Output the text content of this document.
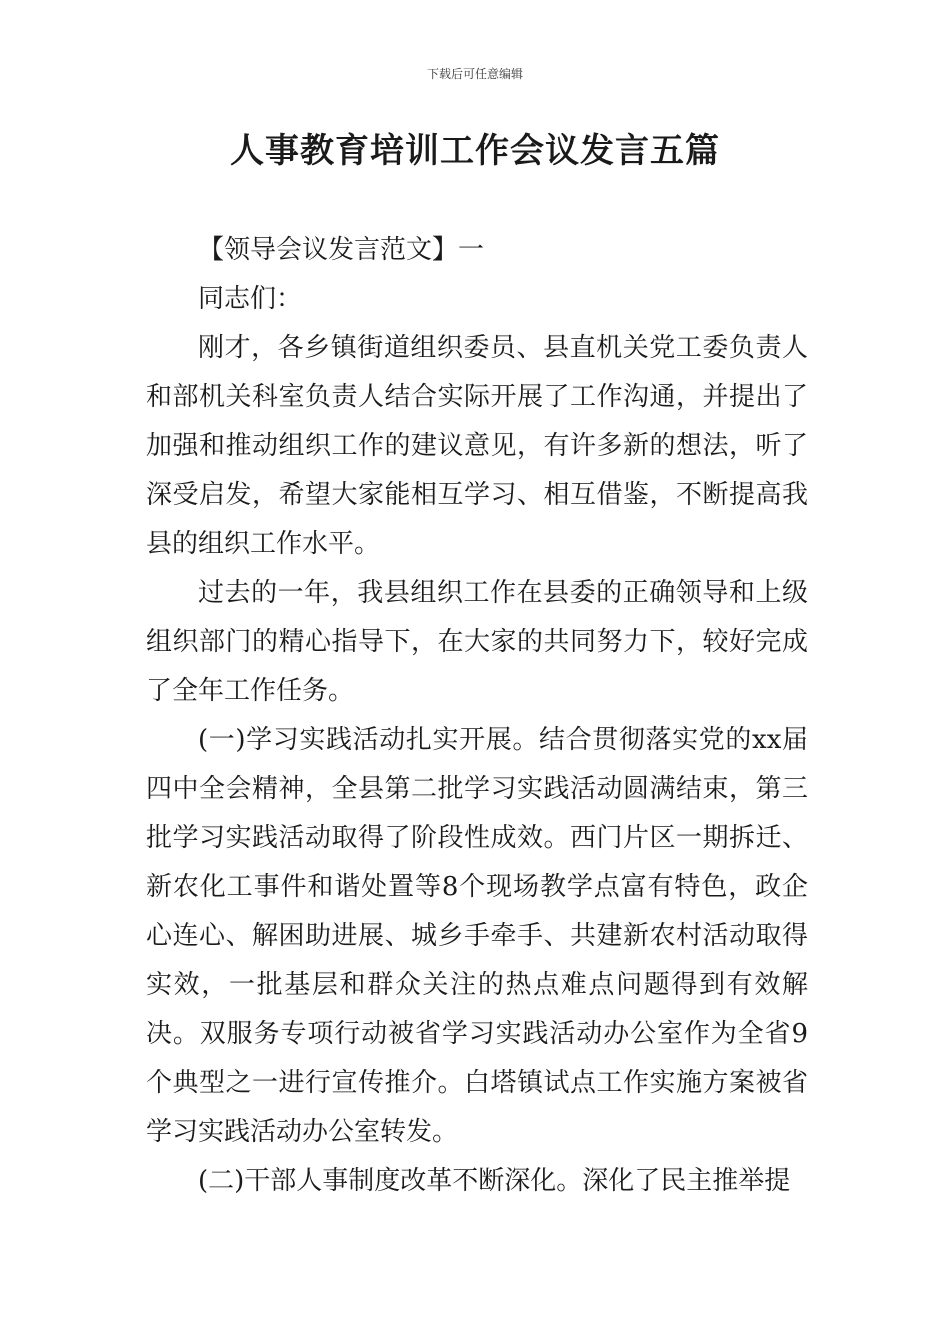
下载后可任意编辑
人事教育培训工作会议发言五篇

【领导会议发言范文】一

同志们：

刚才，各乡镇街道组织委员、县直机关党工委负责人和部机关科室负责人结合实际开展了工作沟通，并提出了加强和推动组织工作的建议意见，有许多新的想法，听了深受启发，希望大家能相互学习、相互借鉴，不断提高我县的组织工作水平。

过去的一年，我县组织工作在县委的正确领导和上级组织部门的精心指导下，在大家的共同努力下，较好完成了全年工作任务。

(一)学习实践活动扎实开展。结合贯彻落实党的xx届四中全会精神，全县第二批学习实践活动圆满结束，第三批学习实践活动取得了阶段性成效。西门片区一期拆迁、新农化工事件和谐处置等8个现场教学点富有特色，政企心连心、解困助进展、城乡手牵手、共建新农村活动取得实效，一批基层和群众关注的热点难点问题得到有效解决。双服务专项行动被省学习实践活动办公室作为全省9个典型之一进行宣传推介。白塔镇试点工作实施方案被省学习实践活动办公室转发。

(二)干部人事制度改革不断深化。深化了民主推举提
